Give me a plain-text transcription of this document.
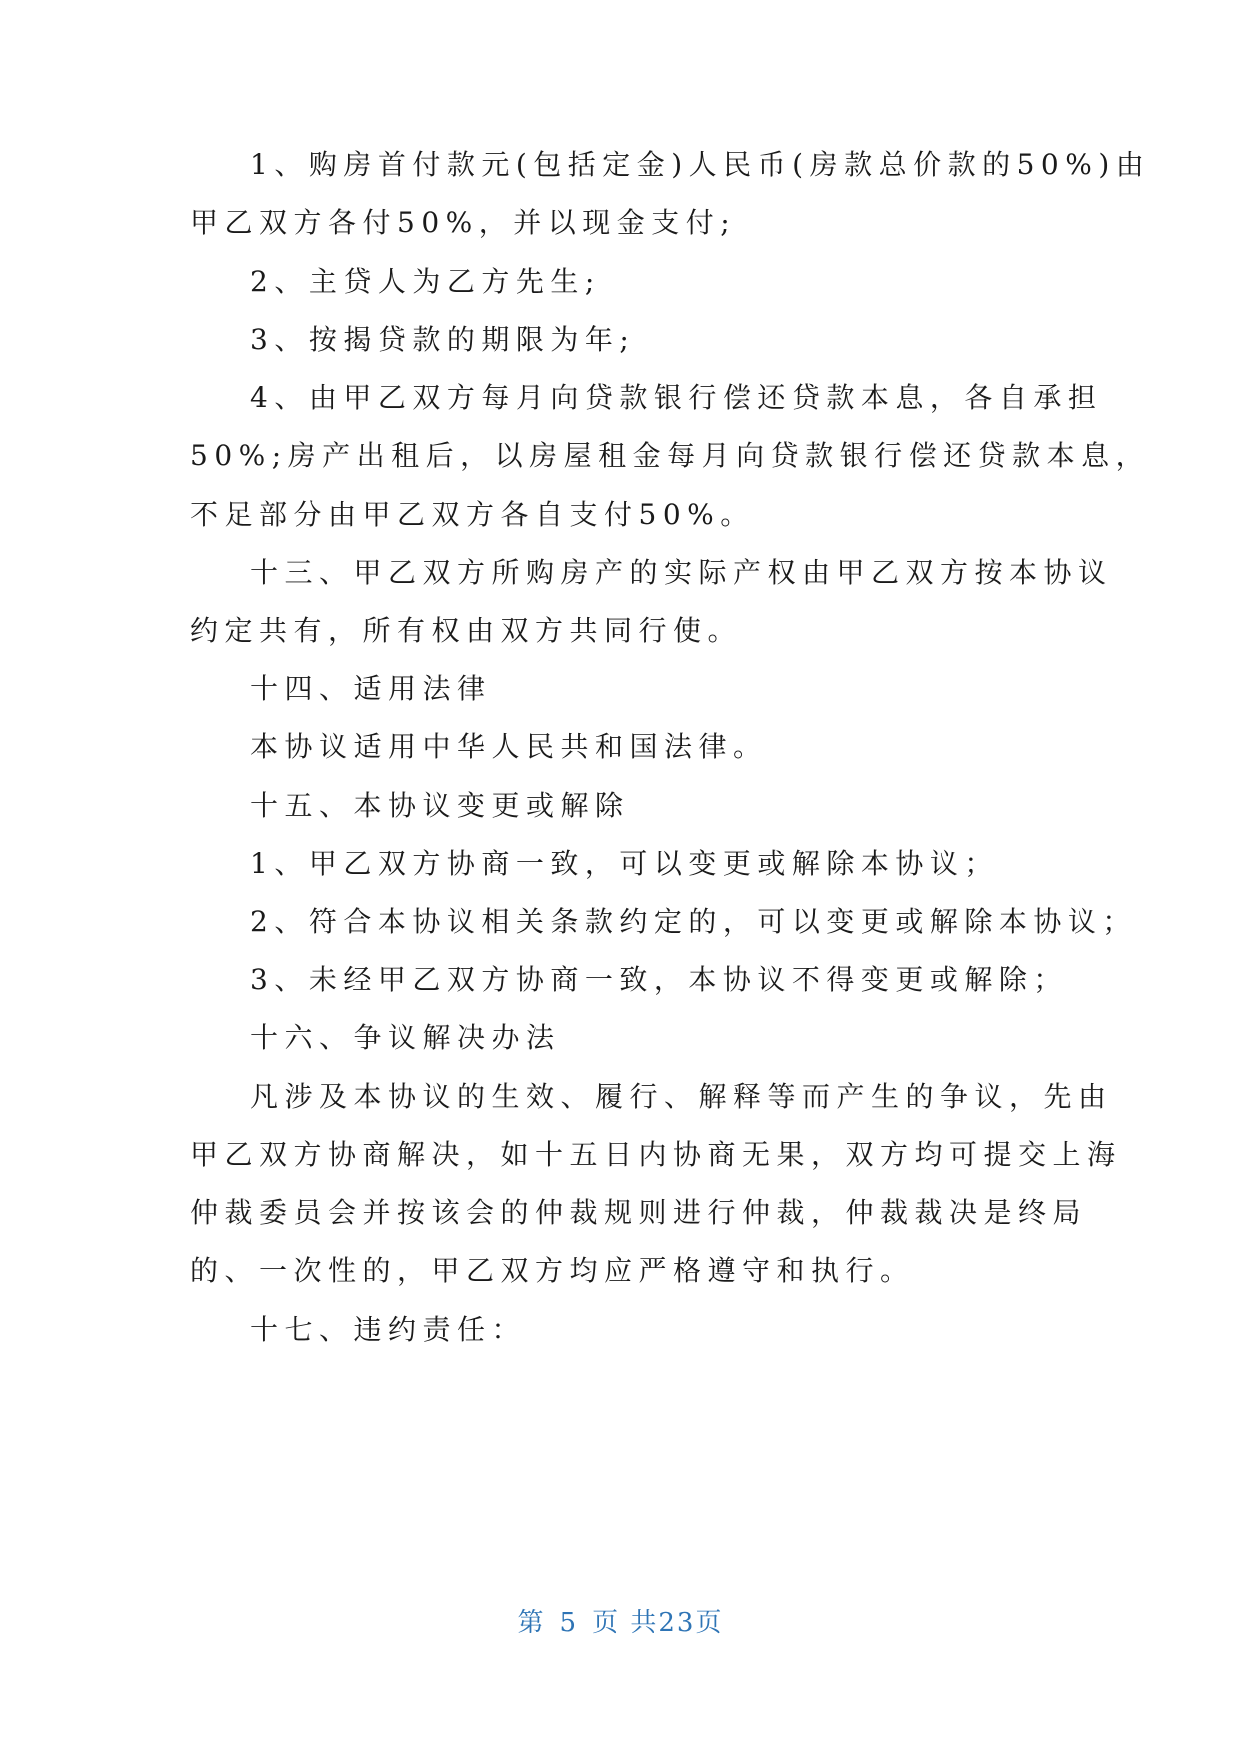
1、购房首付款元(包括定金)人民币(房款总价款的50%)由

甲乙双方各付50%，并以现金支付;

2、主贷人为乙方先生;

3、按揭贷款的期限为年;

4、由甲乙双方每月向贷款银行偿还贷款本息，各自承担

50%;房产出租后，以房屋租金每月向贷款银行偿还贷款本息，

不足部分由甲乙双方各自支付50%。

十三、甲乙双方所购房产的实际产权由甲乙双方按本协议

约定共有，所有权由双方共同行使。

十四、适用法律

本协议适用中华人民共和国法律。

十五、本协议变更或解除

1、甲乙双方协商一致，可以变更或解除本协议；

2、符合本协议相关条款约定的，可以变更或解除本协议；

3、未经甲乙双方协商一致，本协议不得变更或解除；

十六、争议解决办法

凡涉及本协议的生效、履行、解释等而产生的争议，先由

甲乙双方协商解决，如十五日内协商无果，双方均可提交上海

仲裁委员会并按该会的仲裁规则进行仲裁，仲裁裁决是终局

的、一次性的，甲乙双方均应严格遵守和执行。

十七、违约责任：

第 5 页 共23页
